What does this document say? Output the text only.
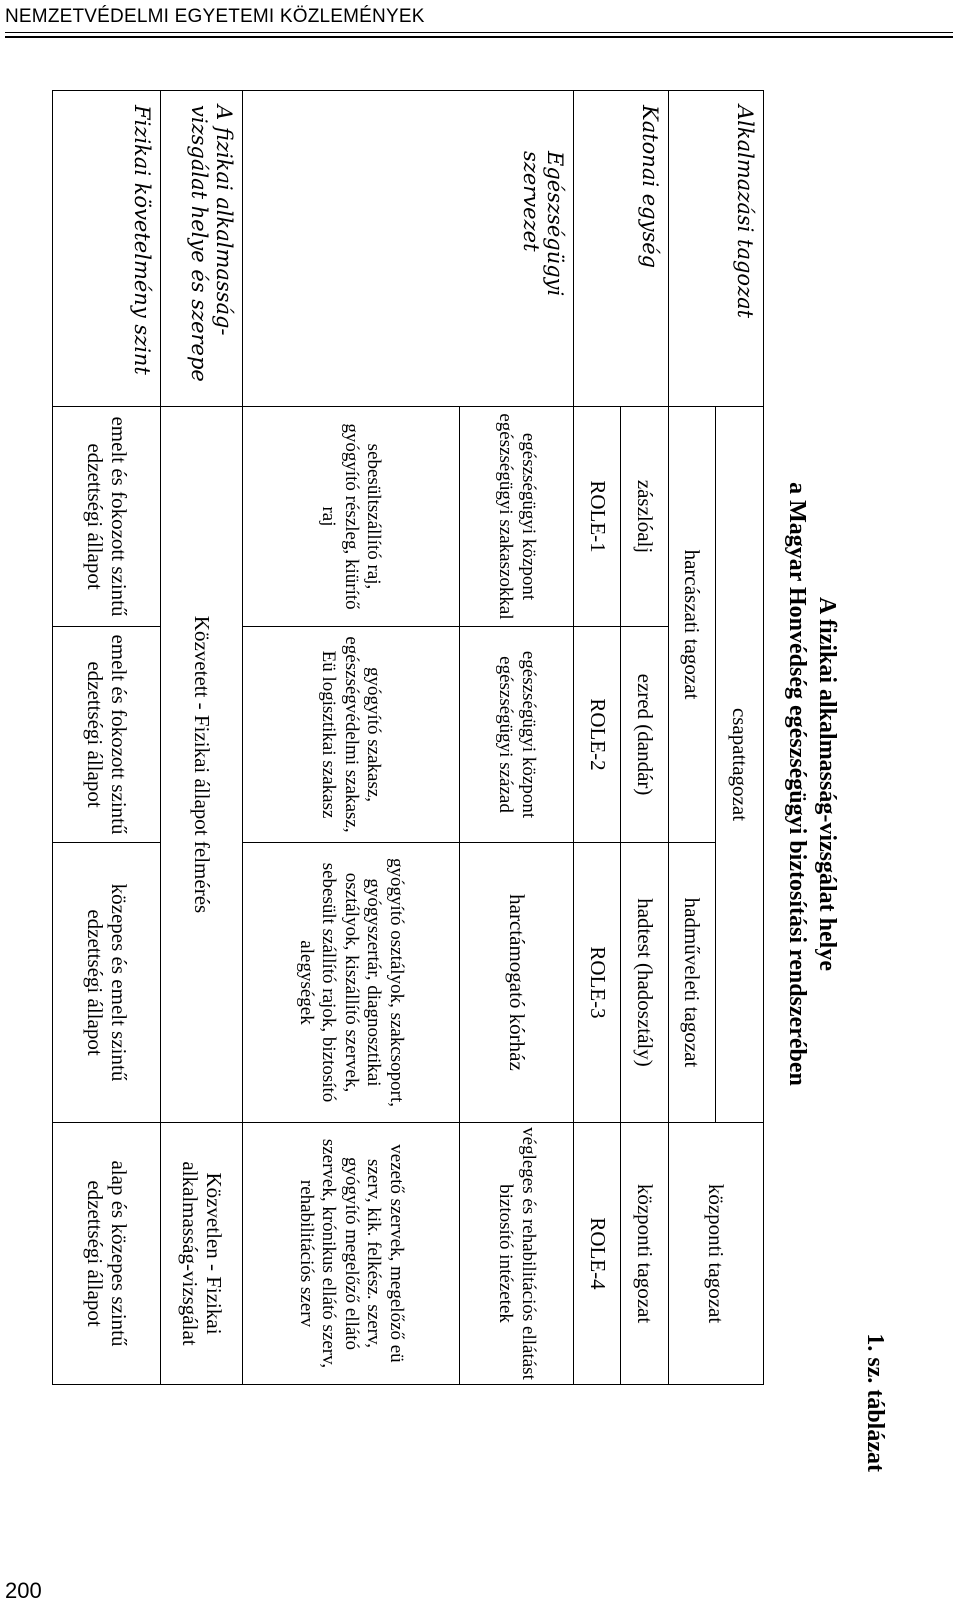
NEMZETVÉDELMI EGYETEMI KÖZLEMÉNYEK
1. sz. táblázat
A fizikai alkalmasság-vizsgálat helye
a Magyar Honvédség egészségügyi biztosítási rendszerében
Alkalmazási tagozat	csapattagozat			központi tagozat
	harcászati tagozat		hadműveleti tagozat	
Katonai egység	zászlóalj	ezred (dandár)	hadtest (hadosztály)	központi tagozat
	ROLE-1	ROLE-2	ROLE-3	ROLE-4
Egészségügyi szervezet	egészségügyi központ egészségügyi szakaszokkal	egészségügyi központ egészségügyi század	harctámogató kórház	végleges és rehabilitációs ellátást biztosító intézetek
	sebesültszállító raj, gyógyító részleg, kiürítő raj	gyógyító szakasz, egészségvédelmi szakasz, Eü logisztikai szakasz	gyógyító osztályok, szakcsoport, gyógyszertár, diagnosztikai osztályok, kiszállító szervek, sebesült szállító rajok, biztosító alegységek	vezető szervek, megelőző eü szerv, kik. felkész. szerv, gyógyító megelőző ellátó szervek, krónikus ellátó szerv, rehabilitációs szerv
A fizikai alkalmasság-vizsgálat helye és szerepe	Közvetett - Fizikai állapot felmérés			Közvetlen - Fizikai alkalmasság-vizsgálat
Fizikai követelmény szint	emelt és fokozott szintű edzettségi állapot	emelt és fokozott szintű edzettségi állapot	közepes és emelt szintű edzettségi állapot	alap és közepes szintű edzettségi állapot
200
